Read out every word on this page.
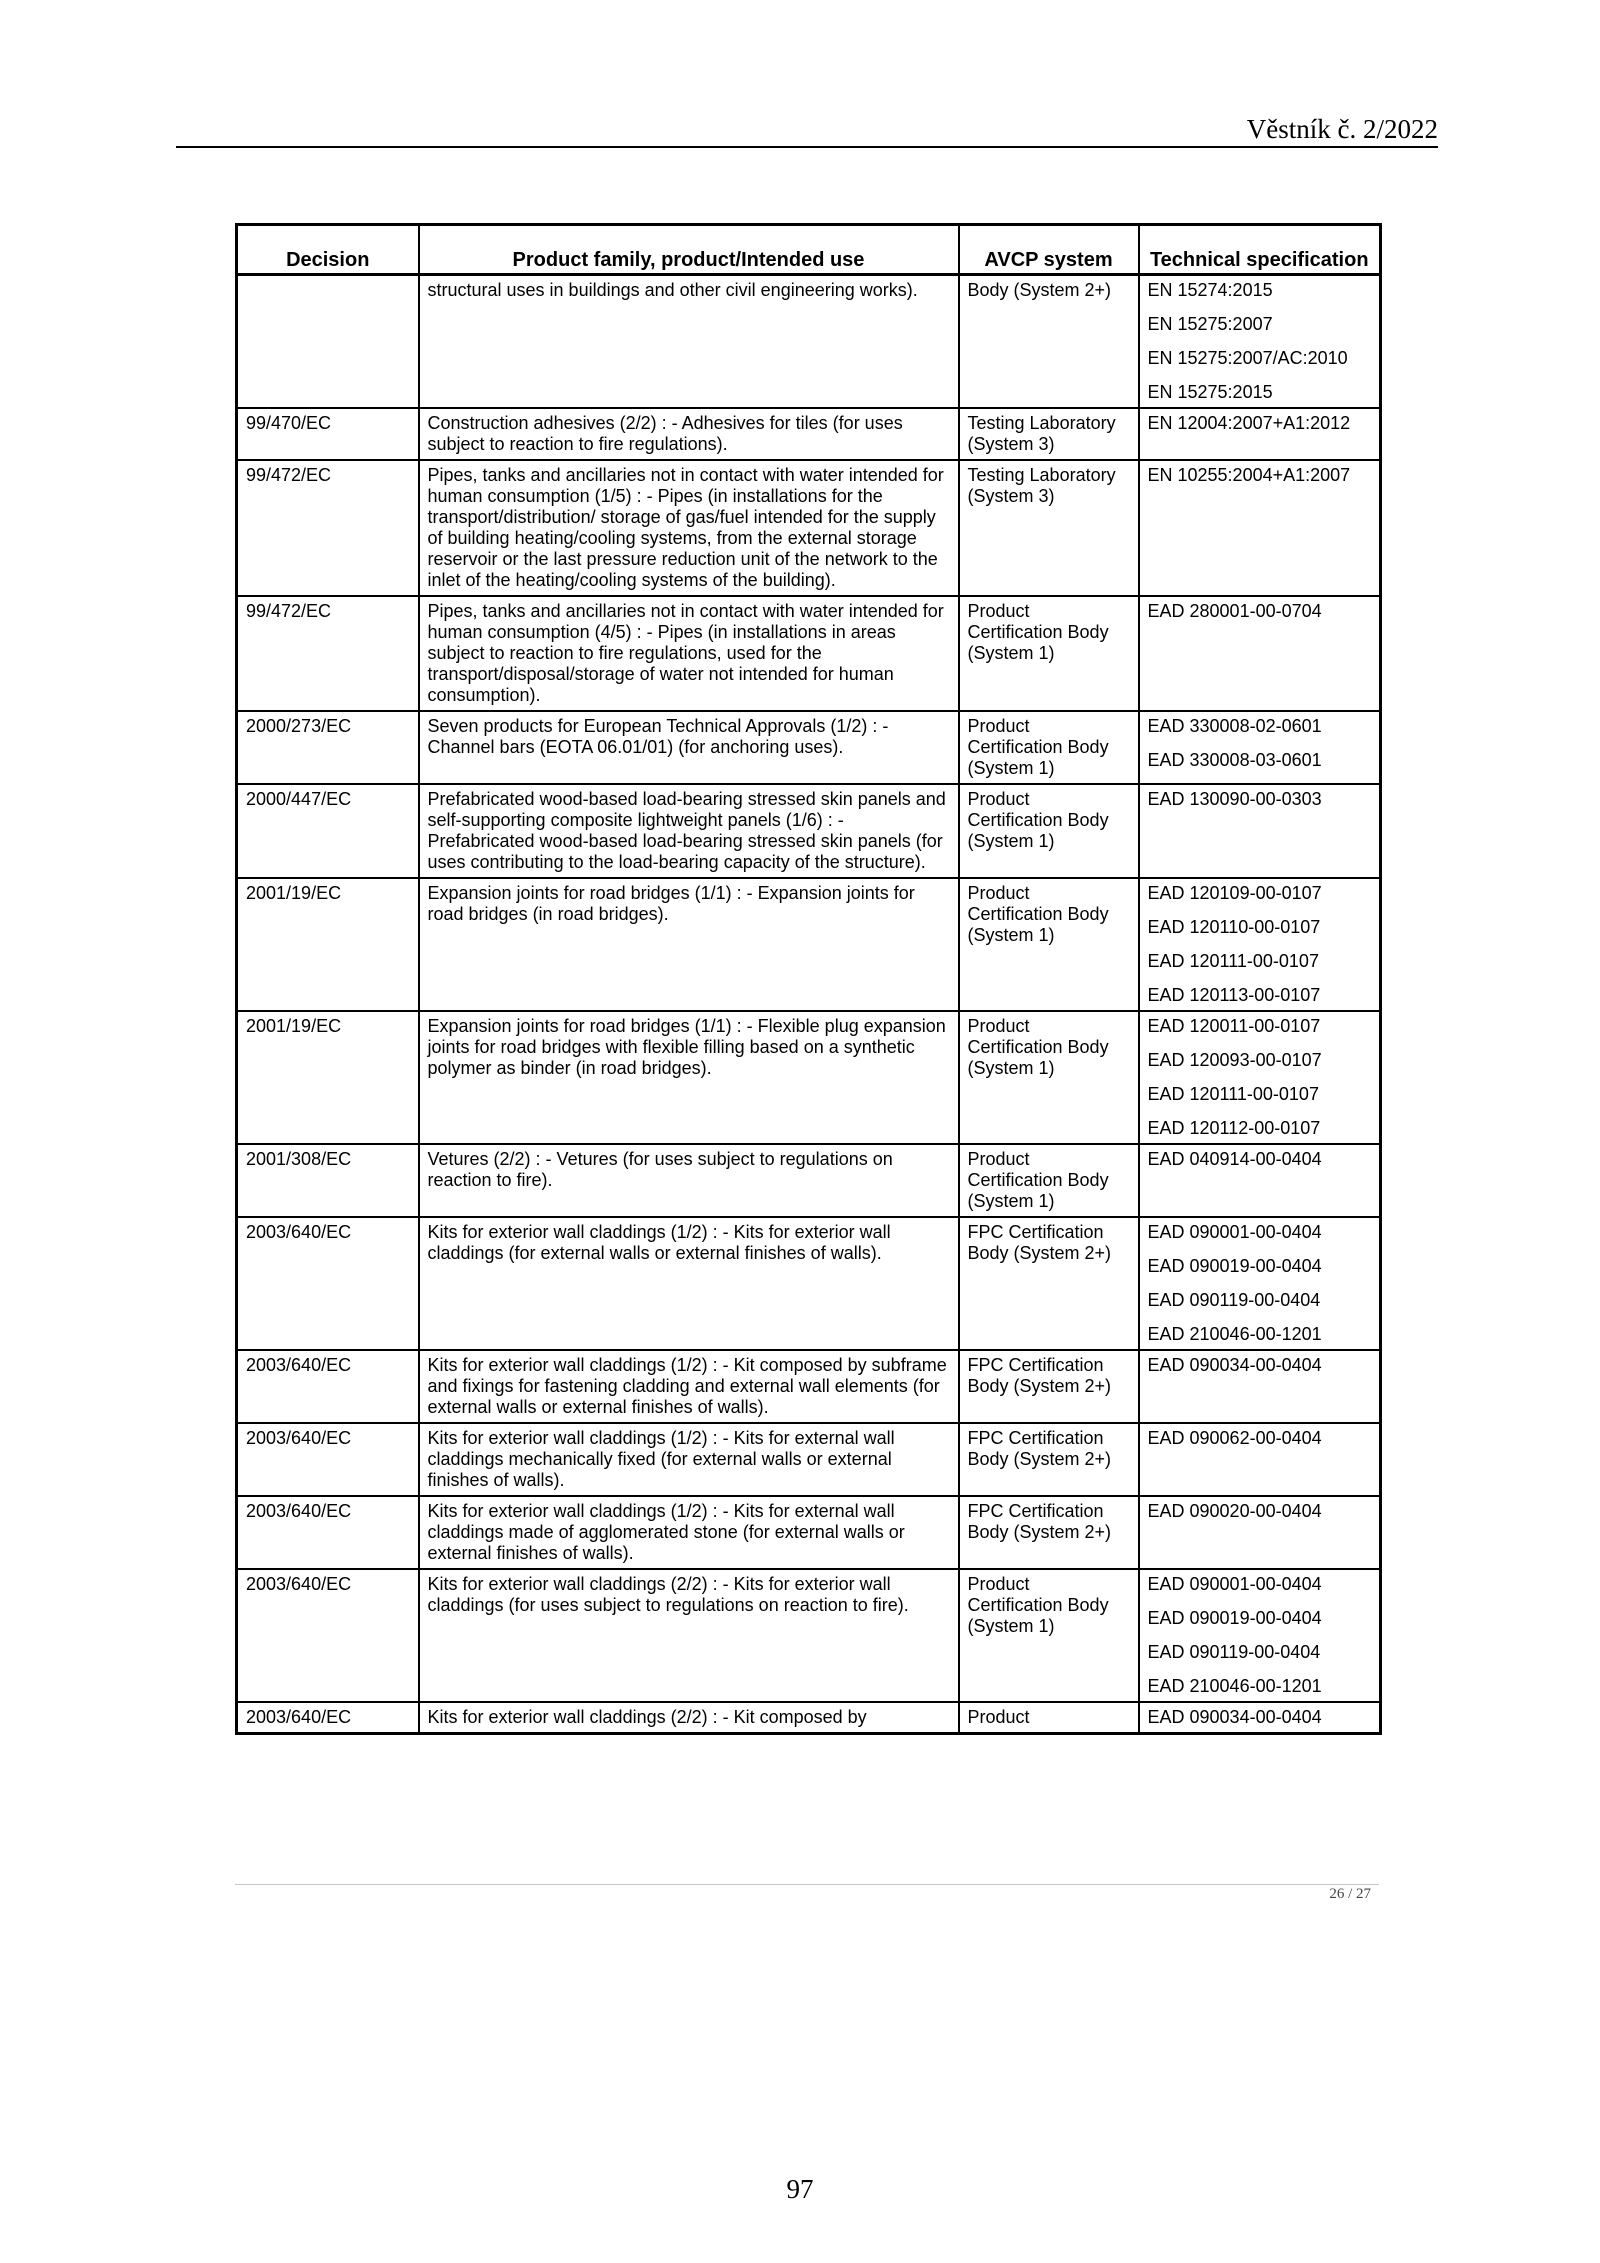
Věstník č. 2/2022
Decision	Product family, product/Intended use	AVCP system	Technical specification
	structural uses in buildings and other civil engineering works).	Body (System 2+)	EN 15274:2015
EN 15275:2007
EN 15275:2007/AC:2010
EN 15275:2015

99/470/EC	Construction adhesives (2/2) : - Adhesives for tiles (for uses subject to reaction to fire regulations).	Testing Laboratory (System 3)	EN 12004:2007+A1:2012

99/472/EC	Pipes, tanks and ancillaries not in contact with water intended for human consumption (1/5) : - Pipes (in installations for the transport/distribution/ storage of gas/fuel intended for the supply of building heating/cooling systems, from the external storage reservoir or the last pressure reduction unit of the network to the inlet of the heating/cooling systems of the building).	Testing Laboratory (System 3)	EN 10255:2004+A1:2007

99/472/EC	Pipes, tanks and ancillaries not in contact with water intended for human consumption (4/5) : - Pipes (in installations in areas subject to reaction to fire regulations, used for the transport/disposal/storage of water not intended for human consumption).	Product Certification Body (System 1)	EAD 280001-00-0704

2000/273/EC	Seven products for European Technical Approvals (1/2) : - Channel bars (EOTA 06.01/01) (for anchoring uses).	Product Certification Body (System 1)	EAD 330008-02-0601
EAD 330008-03-0601

2000/447/EC	Prefabricated wood-based load-bearing stressed skin panels and self-supporting composite lightweight panels (1/6) : - Prefabricated wood-based load-bearing stressed skin panels (for uses contributing to the load-bearing capacity of the structure).	Product Certification Body (System 1)	EAD 130090-00-0303

2001/19/EC	Expansion joints for road bridges (1/1) : - Expansion joints for road bridges (in road bridges).	Product Certification Body (System 1)	EAD 120109-00-0107
EAD 120110-00-0107
EAD 120111-00-0107
EAD 120113-00-0107

2001/19/EC	Expansion joints for road bridges (1/1) : - Flexible plug expansion joints for road bridges with flexible filling based on a synthetic polymer as binder (in road bridges).	Product Certification Body (System 1)	EAD 120011-00-0107
EAD 120093-00-0107
EAD 120111-00-0107
EAD 120112-00-0107

2001/308/EC	Vetures (2/2) : - Vetures (for uses subject to regulations on reaction to fire).	Product Certification Body (System 1)	EAD 040914-00-0404

2003/640/EC	Kits for exterior wall claddings (1/2) : - Kits for exterior wall claddings (for external walls or external finishes of walls).	FPC Certification Body (System 2+)	EAD 090001-00-0404
EAD 090019-00-0404
EAD 090119-00-0404
EAD 210046-00-1201

2003/640/EC	Kits for exterior wall claddings (1/2) : - Kit composed by subframe and fixings for fastening cladding and external wall elements (for external walls or external finishes of walls).	FPC Certification Body (System 2+)	EAD 090034-00-0404

2003/640/EC	Kits for exterior wall claddings (1/2) : - Kits for external wall claddings mechanically fixed (for external walls or external finishes of walls).	FPC Certification Body (System 2+)	EAD 090062-00-0404

2003/640/EC	Kits for exterior wall claddings (1/2) : - Kits for external wall claddings made of agglomerated stone (for external walls or external finishes of walls).	FPC Certification Body (System 2+)	EAD 090020-00-0404

2003/640/EC	Kits for exterior wall claddings (2/2) : - Kits for exterior wall claddings (for uses subject to regulations on reaction to fire).	Product Certification Body (System 1)	EAD 090001-00-0404
EAD 090019-00-0404
EAD 090119-00-0404
EAD 210046-00-1201

2003/640/EC	Kits for exterior wall claddings (2/2) : - Kit composed by	Product	EAD 090034-00-0404
26 / 27
97
